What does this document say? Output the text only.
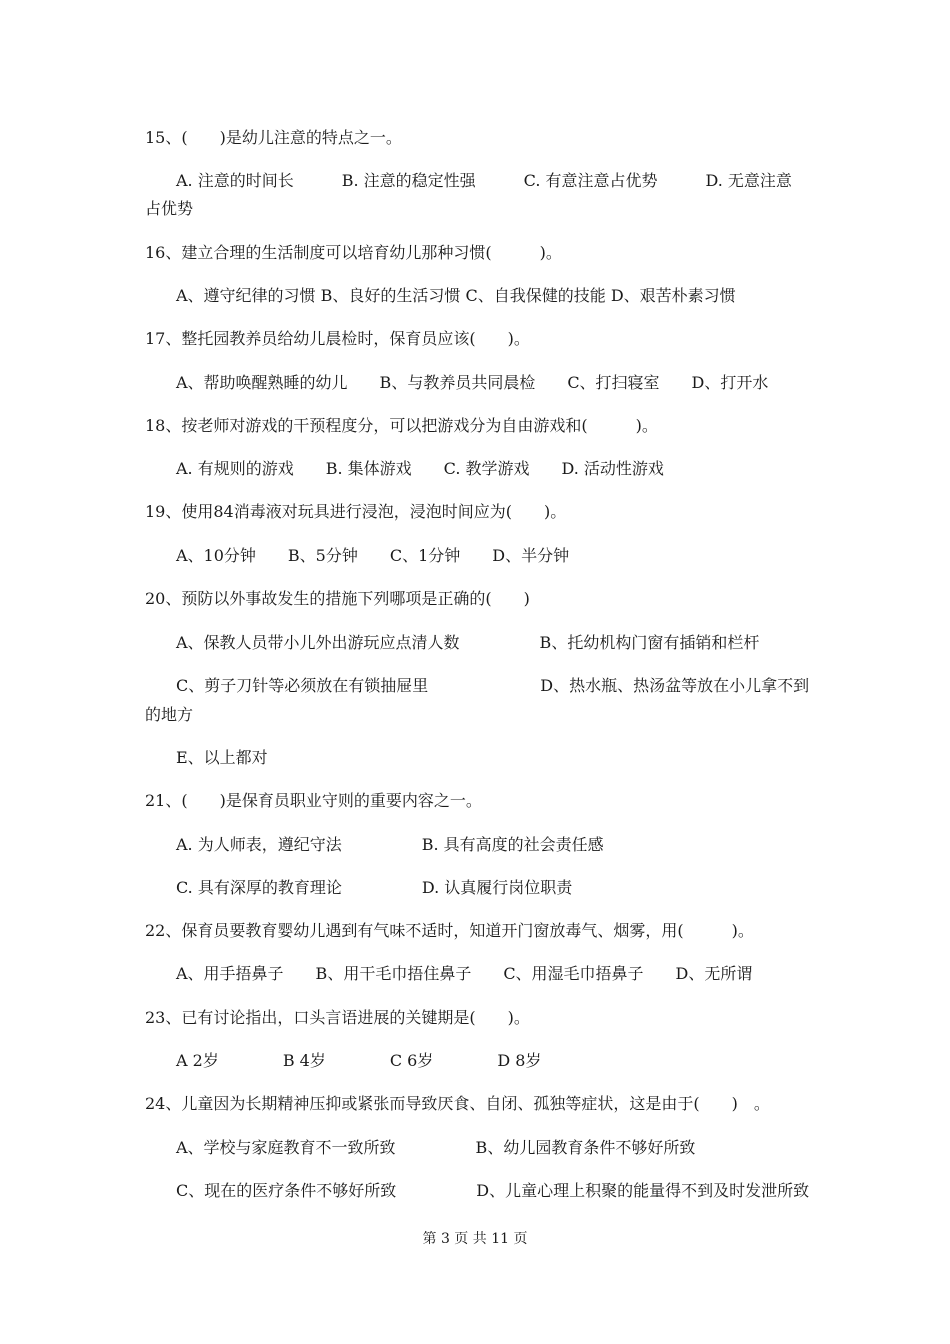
15、(　　)是幼儿注意的特点之一。
A. 注意的时间长　　　B. 注意的稳定性强　　　C. 有意注意占优势　　　D. 无意注意
占优势
16、建立合理的生活制度可以培育幼儿那种习惯(　　　)。
A、遵守纪律的习惯 B、良好的生活习惯 C、自我保健的技能 D、艰苦朴素习惯
17、整托园教养员给幼儿晨检时，保育员应该(　　)。
A、帮助唤醒熟睡的幼儿　　B、与教养员共同晨检　　C、打扫寝室　　D、打开水
18、按老师对游戏的干预程度分，可以把游戏分为自由游戏和(　　　)。
A. 有规则的游戏　　B. 集体游戏　　C. 教学游戏　　D. 活动性游戏
19、使用84消毒液对玩具进行浸泡，浸泡时间应为(　　)。
A、10分钟　　B、5分钟　　C、1分钟　　D、半分钟
20、预防以外事故发生的措施下列哪项是正确的(　　)
A、保教人员带小儿外出游玩应点清人数　　　　　B、托幼机构门窗有插销和栏杆
C、剪子刀针等必须放在有锁抽屉里　　　　　　　D、热水瓶、热汤盆等放在小儿拿不到
的地方
E、以上都对
21、(　　)是保育员职业守则的重要内容之一。
A. 为人师表，遵纪守法　　　　　B. 具有高度的社会责任感
C. 具有深厚的教育理论　　　　　D. 认真履行岗位职责
22、保育员要教育婴幼儿遇到有气味不适时，知道开门窗放毒气、烟雾，用(　　　)。
A、用手捂鼻子　　B、用干毛巾捂住鼻子　　C、用湿毛巾捂鼻子　　D、无所谓
23、已有讨论指出，口头言语进展的关键期是(　　)。
A 2岁　　　　B 4岁　　　　C 6岁　　　　D 8岁
24、儿童因为长期精神压抑或紧张而导致厌食、自闭、孤独等症状，这是由于(　　)　。
A、学校与家庭教育不一致所致　　　　　B、幼儿园教育条件不够好所致
C、现在的医疗条件不够好所致　　　　　D、儿童心理上积聚的能量得不到及时发泄所致
第 3 页 共 11 页
